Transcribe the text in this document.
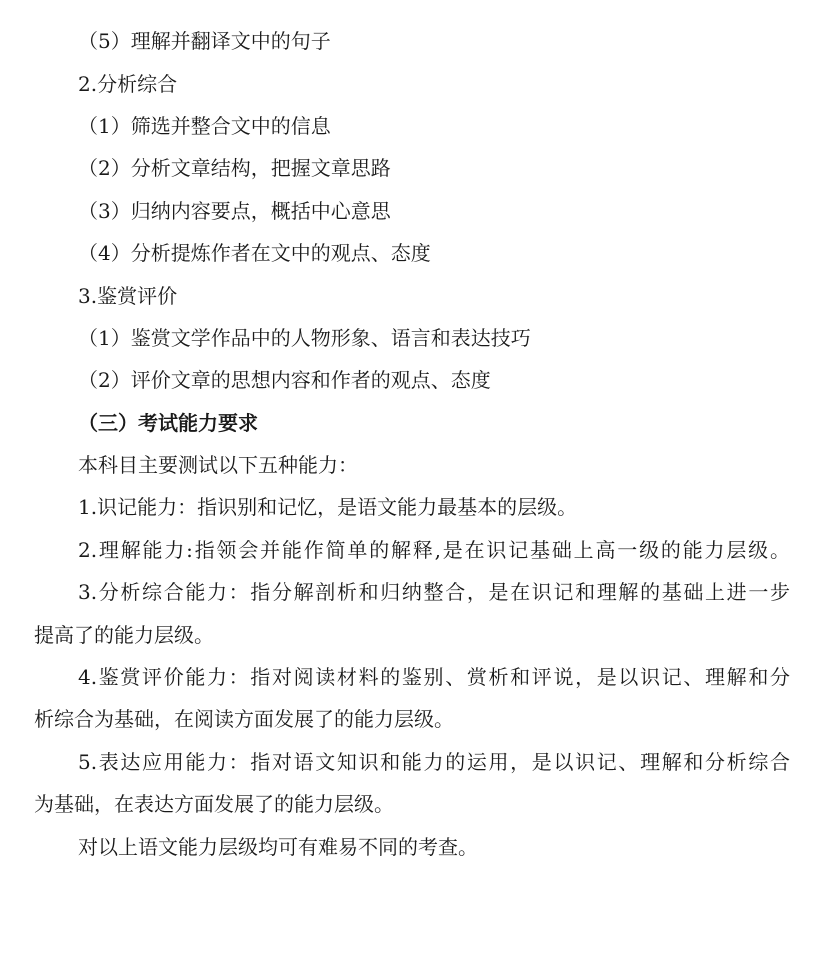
（5）理解并翻译文中的句子
2.分析综合
（1）筛选并整合文中的信息
（2）分析文章结构，把握文章思路
（3）归纳内容要点，概括中心意思
（4）分析提炼作者在文中的观点、态度
3.鉴赏评价
（1）鉴赏文学作品中的人物形象、语言和表达技巧
（2）评价文章的思想内容和作者的观点、态度
（三）考试能力要求
本科目主要测试以下五种能力：
1.识记能力：指识别和记忆，是语文能力最基本的层级。
2.理解能力:指领会并能作简单的解释,是在识记基础上高一级的能力层级。
3.分析综合能力：指分解剖析和归纳整合，是在识记和理解的基础上进一步
提高了的能力层级。
4.鉴赏评价能力：指对阅读材料的鉴别、赏析和评说，是以识记、理解和分
析综合为基础，在阅读方面发展了的能力层级。
5.表达应用能力：指对语文知识和能力的运用，是以识记、理解和分析综合
为基础，在表达方面发展了的能力层级。
对以上语文能力层级均可有难易不同的考查。
